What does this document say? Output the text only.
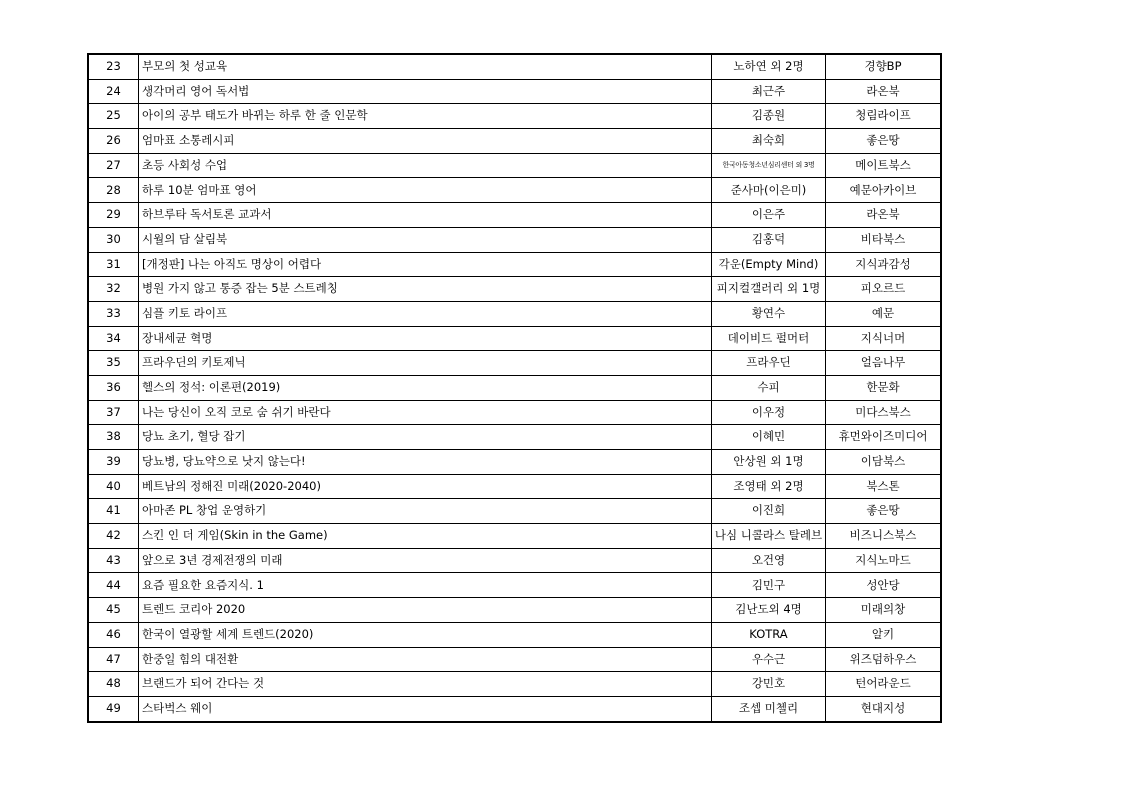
23	부모의 첫 성교육	노하연 외 2명	경향BP
24	생각머리 영어 독서법	최근주	라온북
25	아이의 공부 태도가 바뀌는 하루 한 줄 인문학	김종원	청림라이프
26	엄마표 소통레시피	최숙희	좋은땅
27	초등 사회성 수업	한국아동청소년심리센터 외 3명	메이트북스
28	하루 10분 엄마표 영어	준사마(이은미)	예문아카이브
29	하브루타 독서토론 교과서	이은주	라온북
30	시월의 담 살림북	김홍덕	비타북스
31	[개정판] 나는 아직도 명상이 어렵다	각운(Empty Mind)	지식과감성
32	병원 가지 않고 통증 잡는 5분 스트레칭	피지컬갤러리 외 1명	피오르드
33	심플 키토 라이프	황연수	예문
34	장내세균 혁명	데이비드 펄머터	지식너머
35	프라우딘의 키토제닉	프라우딘	얼음나무
36	헬스의 정석: 이론편(2019)	수피	한문화
37	나는 당신이 오직 코로 숨 쉬기 바란다	이우정	미다스북스
38	당뇨 초기, 혈당 잡기	이혜민	휴먼와이즈미디어
39	당뇨병, 당뇨약으로 낫지 않는다!	안상원 외 1명	이담북스
40	베트남의 정해진 미래(2020-2040)	조영태 외 2명	북스톤
41	아마존 PL 창업 운영하기	이진희	좋은땅
42	스킨 인 더 게임(Skin in the Game)	나심 니콜라스 탈레브	비즈니스북스
43	앞으로 3년 경제전쟁의 미래	오건영	지식노마드
44	요즘 필요한 요즘지식. 1	김민구	성안당
45	트렌드 코리아 2020	김난도외 4명	미래의창
46	한국이 열광할 세계 트렌드(2020)	KOTRA	알키
47	한중일 힘의 대전환	우수근	위즈덤하우스
48	브랜드가 되어 간다는 것	강민호	턴어라운드
49	스타벅스 웨이	조셉 미첼리	현대지성
